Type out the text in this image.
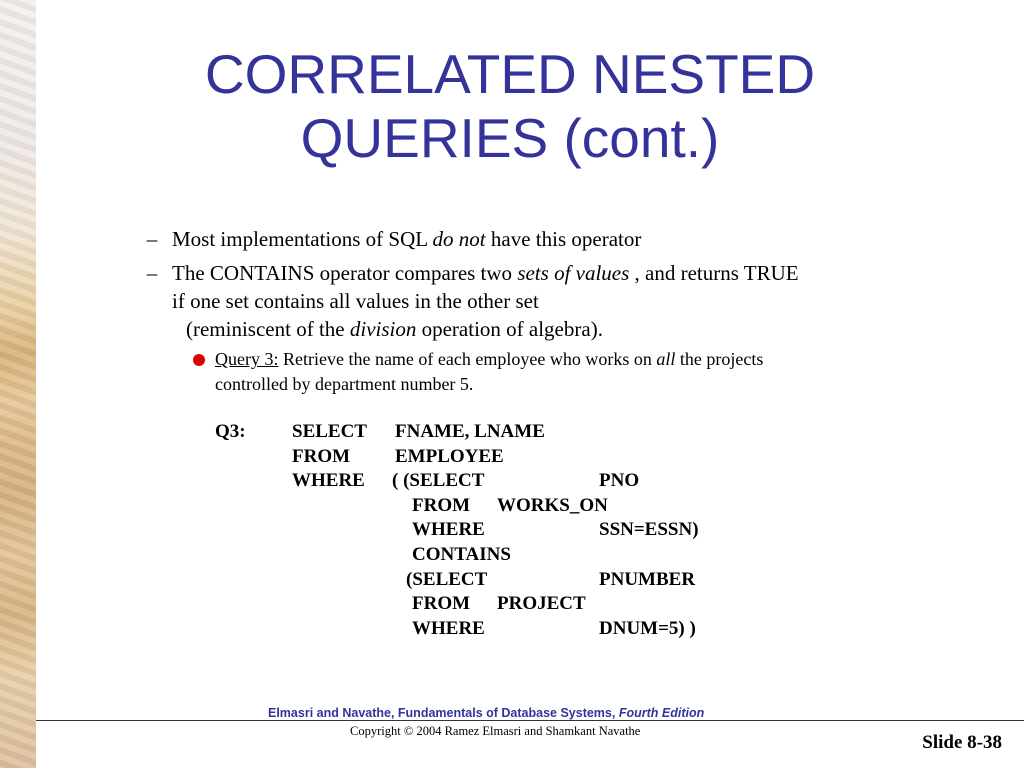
CORRELATED NESTED
QUERIES (cont.)
– Most implementations of SQL do not have this operator
– The CONTAINS operator compares two sets of values , and returns TRUE
if one set contains all values in the other set
(reminiscent of the division operation of algebra).
Query 3: Retrieve the name of each employee who works on all the projects
controlled by department number 5.
Q3: SELECT FNAME, LNAME
FROM EMPLOYEE
WHERE ( (SELECT	PNO
FROM WORKS_ON
WHERE	SSN=ESSN)
CONTAINS
(SELECT	PNUMBER
FROM PROJECT
WHERE	DNUM=5) )
Elmasri and Navathe, Fundamentals of Database Systems, Fourth Edition
Copyright © 2004 Ramez Elmasri and Shamkant Navathe
Slide 8-38
